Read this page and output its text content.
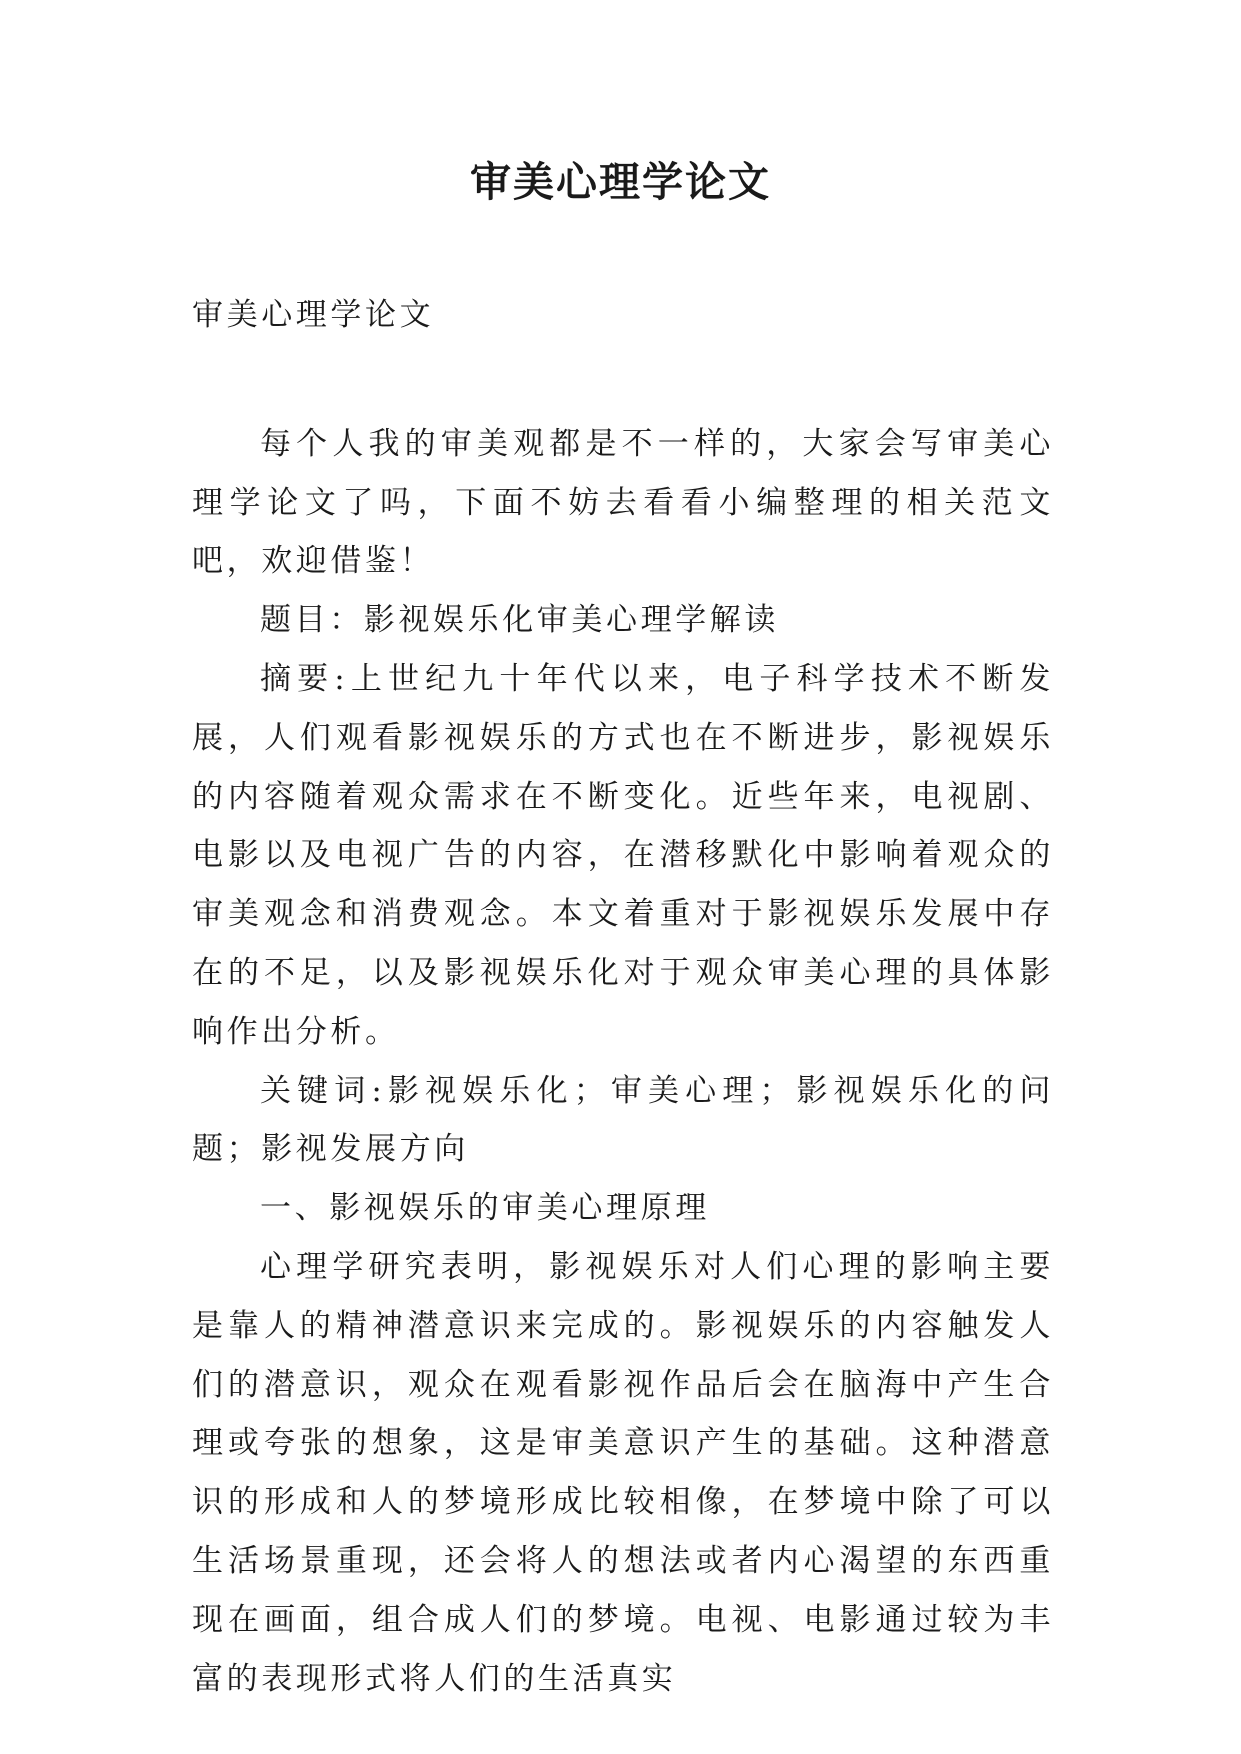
审美心理学论文

审美心理学论文

每个人我的审美观都是不一样的，大家会写审美心理学论文了吗，下面不妨去看看小编整理的相关范文吧，欢迎借鉴！

题目：影视娱乐化审美心理学解读

摘要:上世纪九十年代以来，电子科学技术不断发展，人们观看影视娱乐的方式也在不断进步，影视娱乐的内容随着观众需求在不断变化。近些年来，电视剧、电影以及电视广告的内容，在潜移默化中影响着观众的审美观念和消费观念。本文着重对于影视娱乐发展中存在的不足，以及影视娱乐化对于观众审美心理的具体影响作出分析。

关键词:影视娱乐化；审美心理；影视娱乐化的问题；影视发展方向

一、影视娱乐的审美心理原理

心理学研究表明，影视娱乐对人们心理的影响主要是靠人的精神潜意识来完成的。影视娱乐的内容触发人们的潜意识，观众在观看影视作品后会在脑海中产生合理或夸张的想象，这是审美意识产生的基础。这种潜意识的形成和人的梦境形成比较相像，在梦境中除了可以生活场景重现，还会将人的想法或者内心渴望的东西重现在画面，组合成人们的梦境。电视、电影通过较为丰富的表现形式将人们的生活真实
